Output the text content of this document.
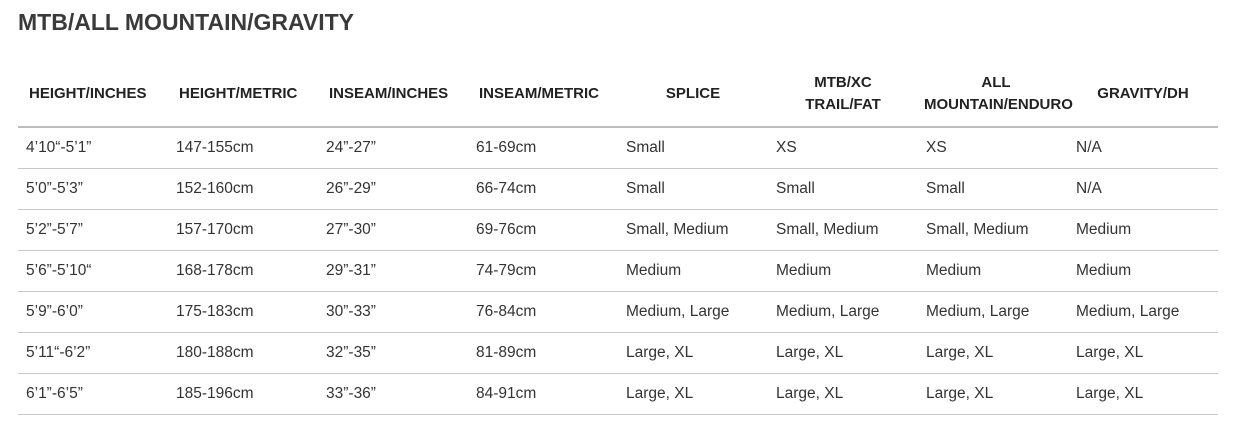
MTB/ALL MOUNTAIN/GRAVITY
HEIGHT/INCHES	HEIGHT/METRIC	INSEAM/INCHES	INSEAM/METRIC	SPLICE	MTB/XC TRAIL/FAT	ALL MOUNTAIN/ENDURO	GRAVITY/DH
4’10“-5’1”	147-155cm	24”-27”	61-69cm	Small	XS	XS	N/A
5’0”-5’3”	152-160cm	26”-29”	66-74cm	Small	Small	Small	N/A
5’2”-5’7”	157-170cm	27”-30”	69-76cm	Small, Medium	Small, Medium	Small, Medium	Medium
5’6”-5’10“	168-178cm	29”-31”	74-79cm	Medium	Medium	Medium	Medium
5’9”-6’0”	175-183cm	30”-33”	76-84cm	Medium, Large	Medium, Large	Medium, Large	Medium, Large
5’11“-6’2”	180-188cm	32”-35”	81-89cm	Large, XL	Large, XL	Large, XL	Large, XL
6’1”-6’5”	185-196cm	33”-36”	84-91cm	Large, XL	Large, XL	Large, XL	Large, XL
